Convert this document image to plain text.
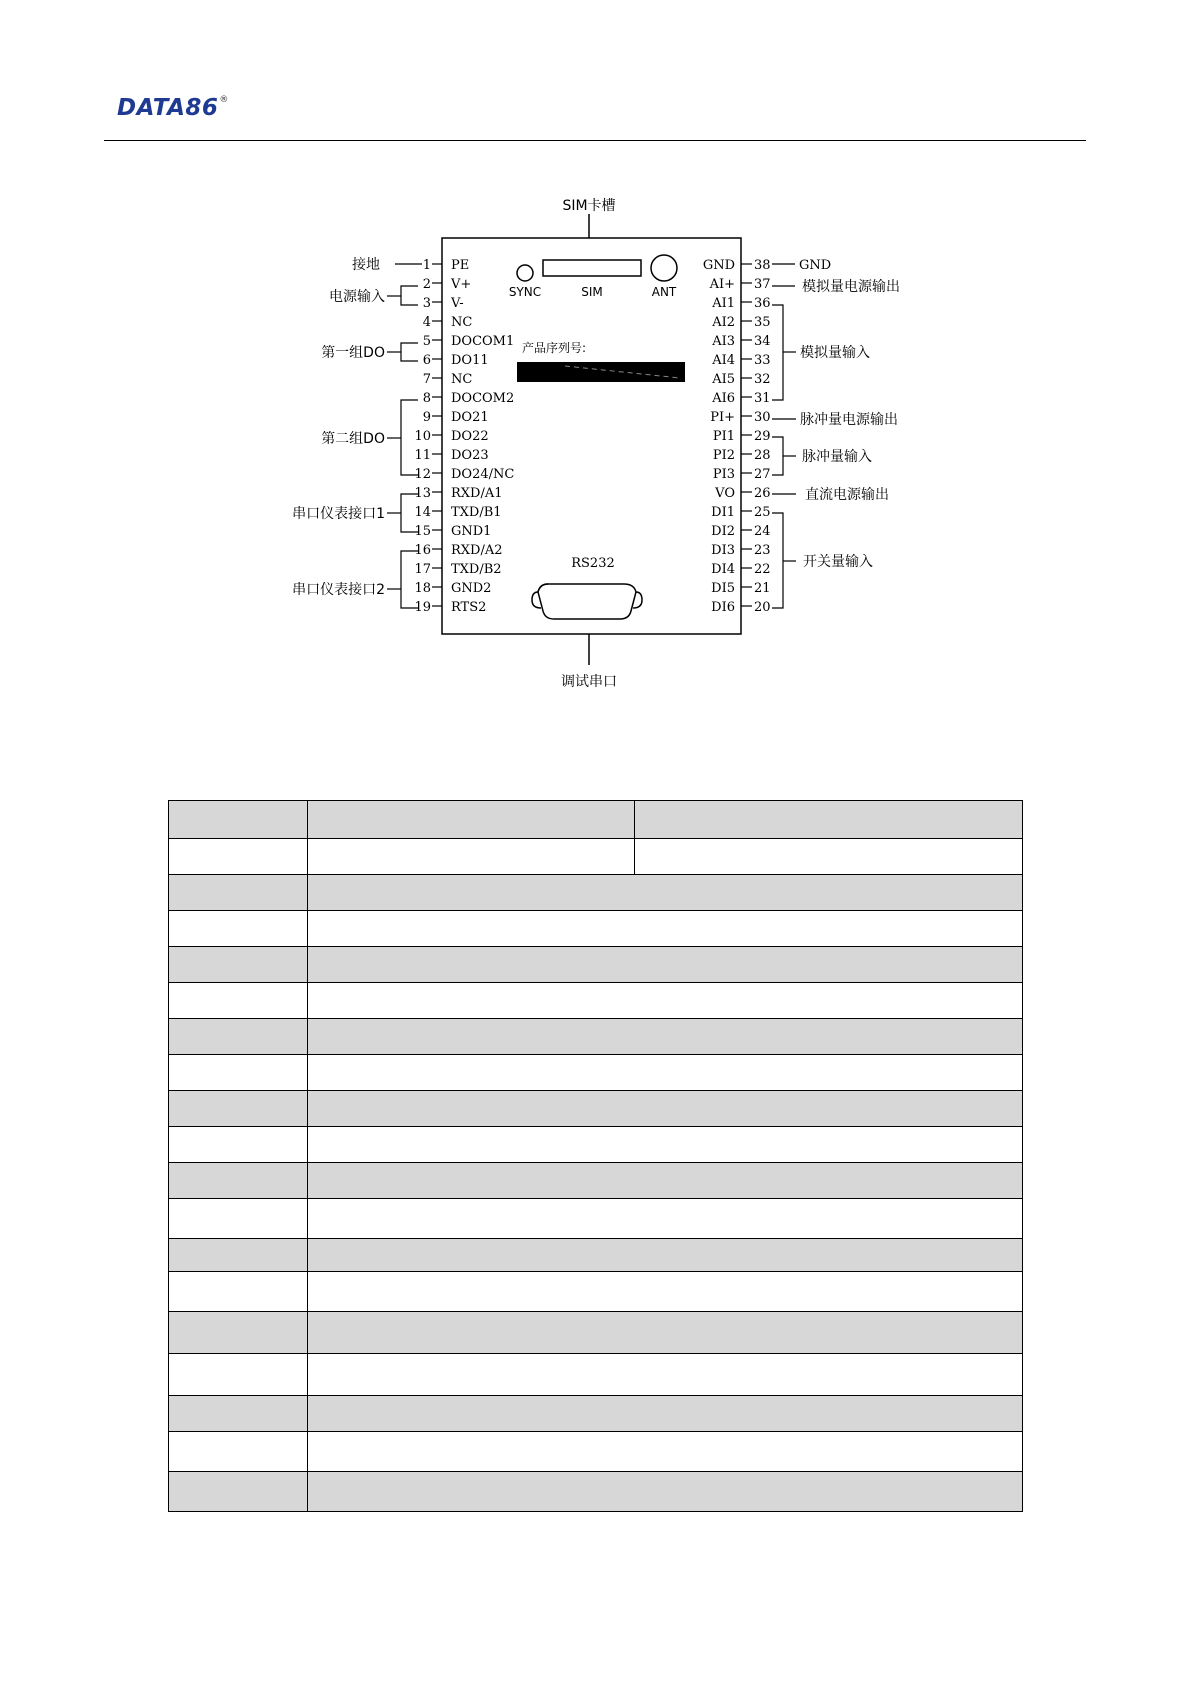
DATA86®
SIM卡槽
调试串口
SYNC	SIM	ANT
产品序列号:
RS232
1 PE
2 V+
3 V-
4 NC
5 DOCOM1
6 DO11
7 NC
8 DOCOM2
9 DO21
10 DO22
11 DO23
12 DO24/NC
13 RXD/A1
14 TXD/B1
15 GND1
16 RXD/A2
17 TXD/B2
18 GND2
19 RTS2
GND 38
AI+ 37
AI1 36
AI2 35
AI3 34
AI4 33
AI5 32
AI6 31
PI+ 30
PI1 29
PI2 28
PI3 27
VO 26
DI1 25
DI2 24
DI3 23
DI4 22
DI5 21
DI6 20
接地
电源输入
第一组DO
第二组DO
串口仪表接口1
串口仪表接口2
GND
模拟量电源输出
模拟量输入
脉冲量电源输出
脉冲量输入
直流电源输出
开关量输入
